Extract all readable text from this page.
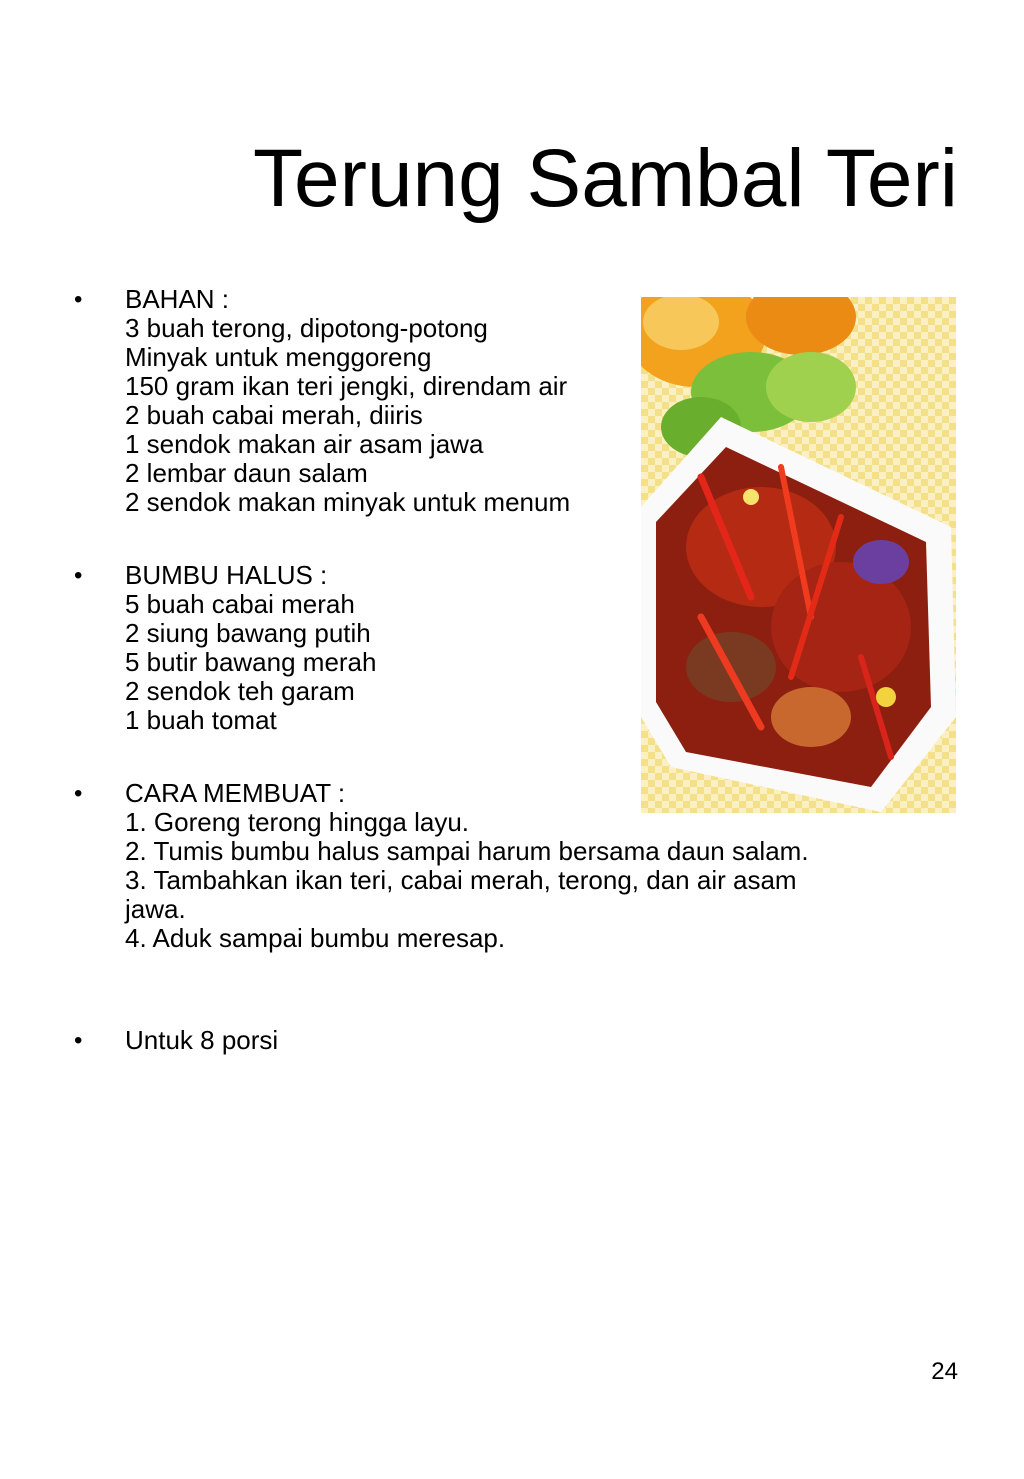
Terung Sambal Teri
• BAHAN :
3 buah terong, dipotong-potong
Minyak untuk menggoreng
150 gram ikan teri jengki, direndam air
2 buah cabai merah, diiris
1 sendok makan air asam jawa
2 lembar daun salam
2 sendok makan minyak untuk menum
• BUMBU HALUS :
5 buah cabai merah
2 siung bawang putih
5 butir bawang merah
2 sendok teh garam
1 buah tomat
• CARA MEMBUAT :
1. Goreng terong hingga layu.
2. Tumis bumbu halus sampai harum bersama daun salam.
3. Tambahkan ikan teri, cabai merah, terong, dan air asam jawa.
4. Aduk sampai bumbu meresap.
• Untuk 8 porsi
24
